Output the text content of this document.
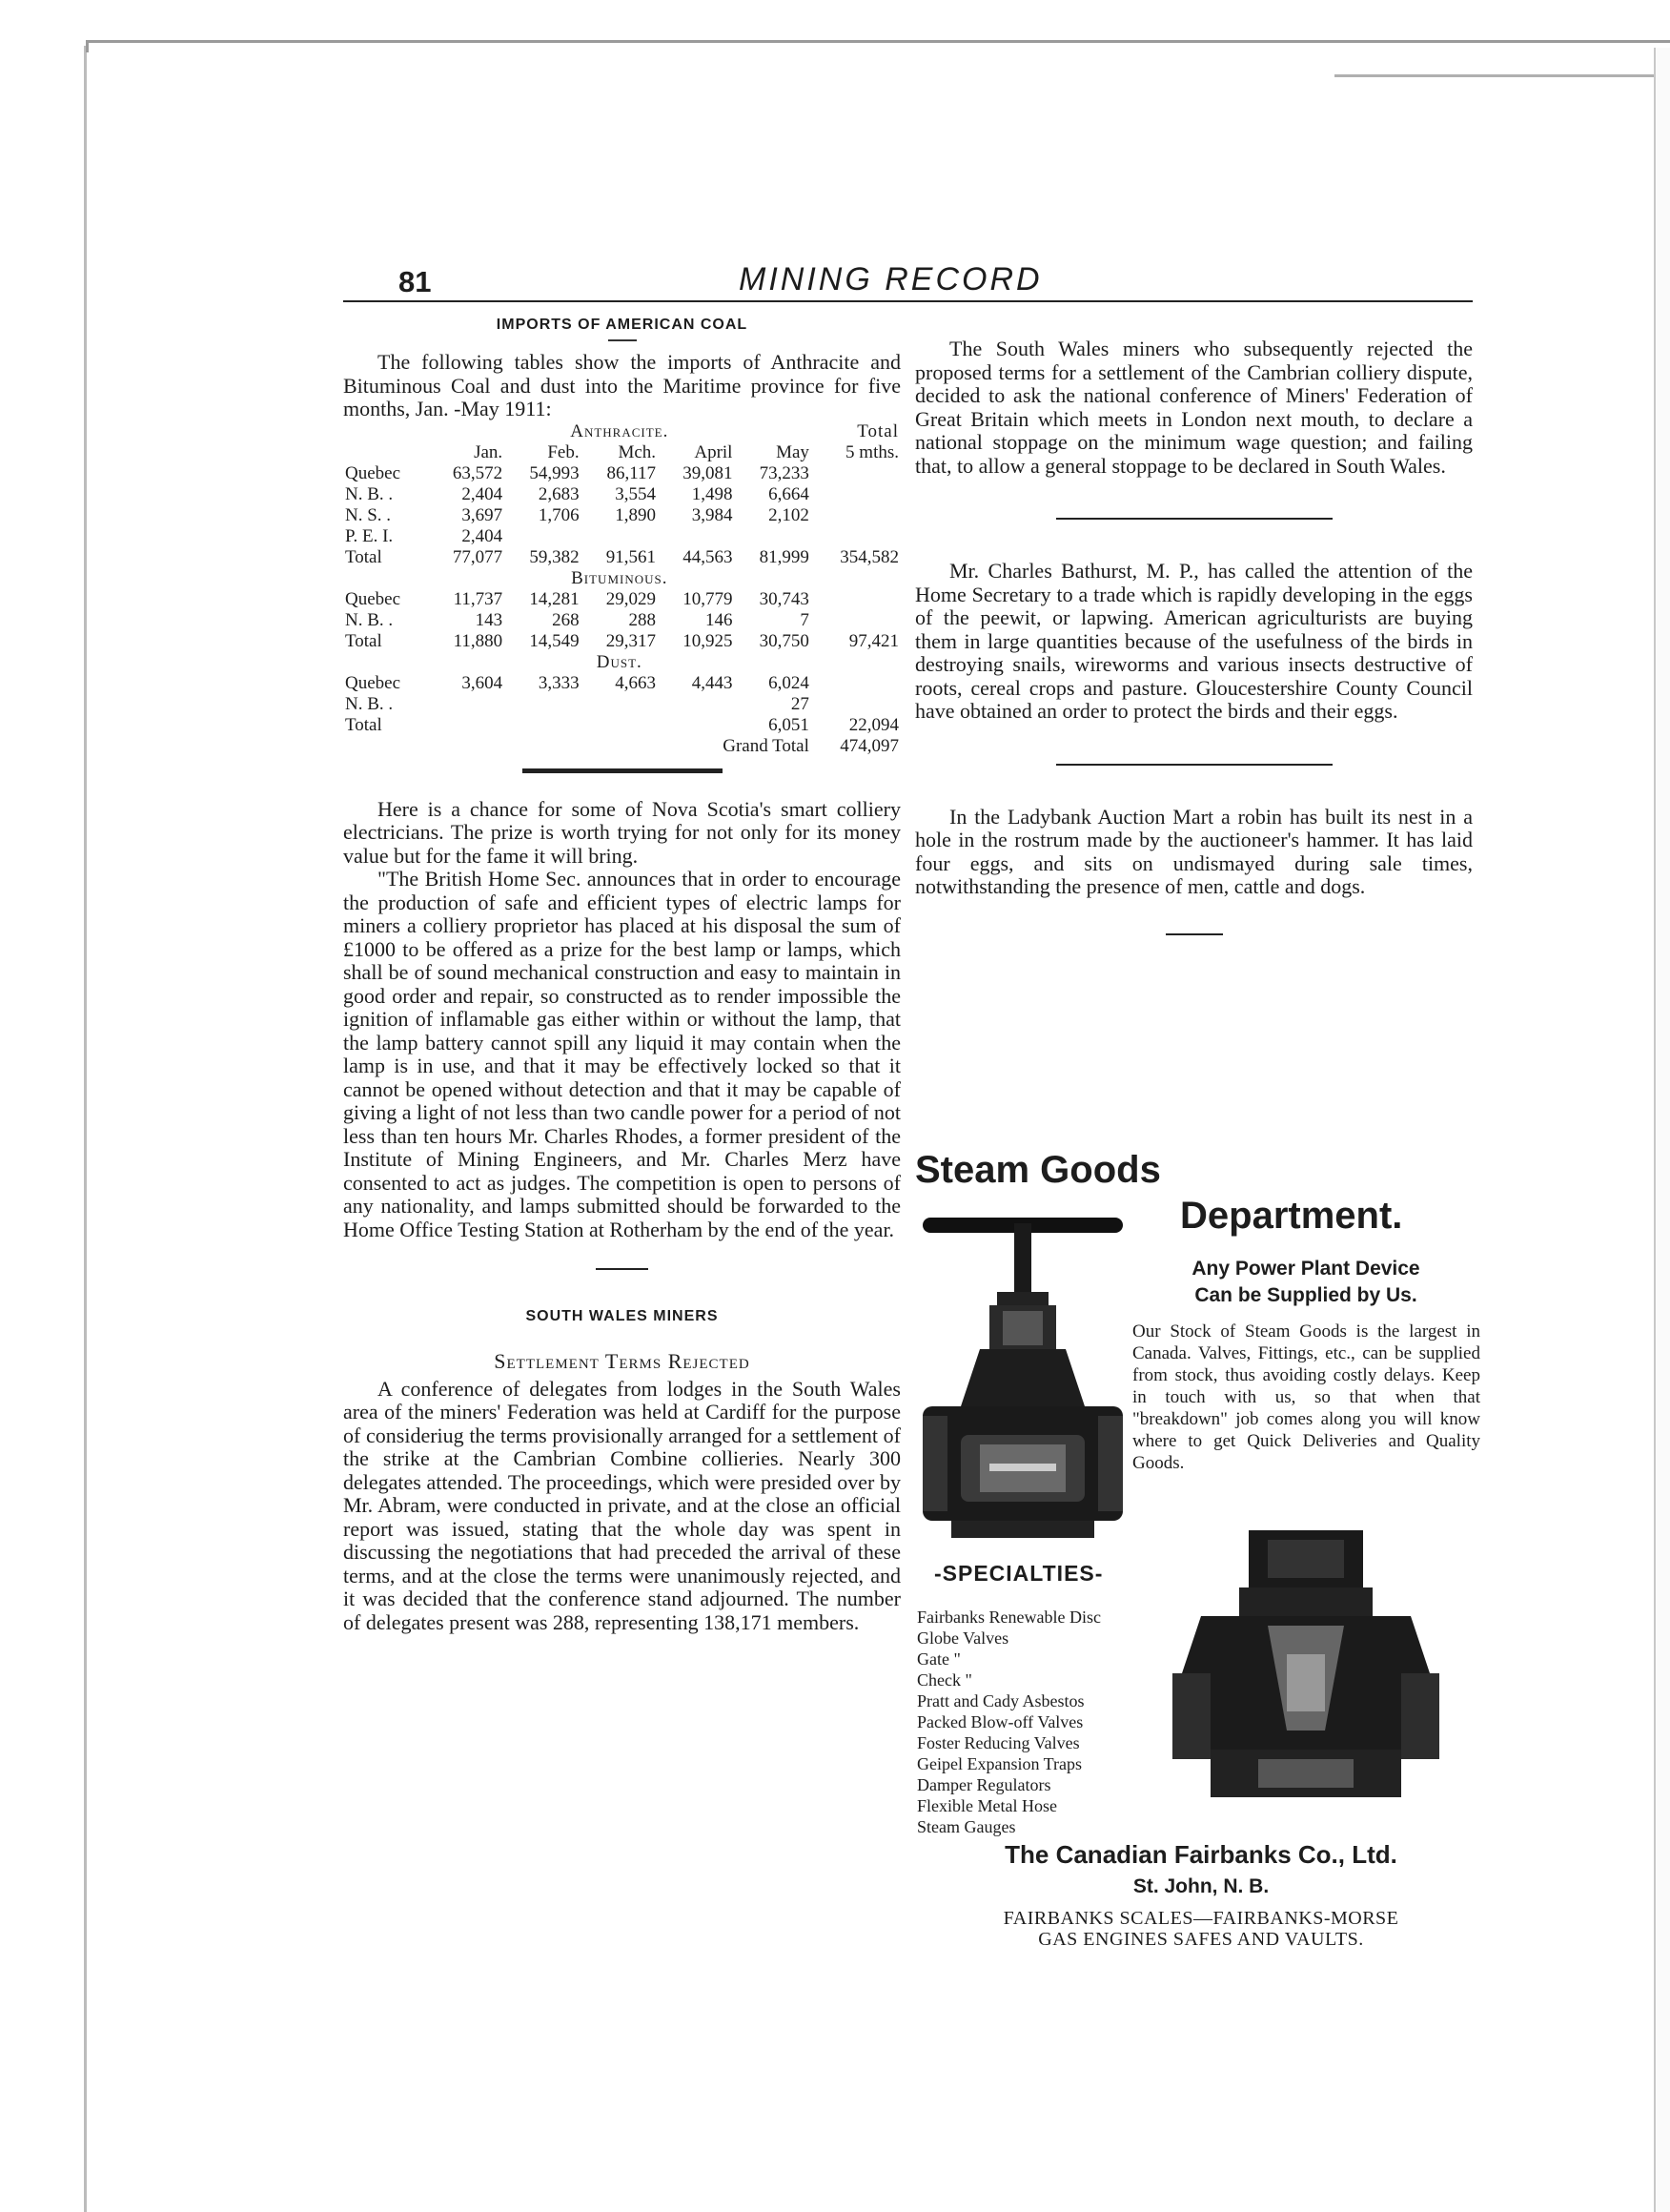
81	MINING RECORD
IMPORTS OF AMERICAN COAL

The following tables show the imports of Anthracite and Bituminous Coal and dust into the Maritime province for five months, Jan. -May 1911:

	Anthracite.					Total
	Jan.	Feb.	Mch.	April	May	5 mths.
Quebec	63,572	54,993	86,117	39,081	73,233	
N. B. .	2,404	2,683	3,554	1,498	6,664	
N. S. .	3,697	1,706	1,890	3,984	2,102	
P. E. I.	2,404					
Total	77,077	59,382	91,561	44,563	81,999	354,582
	Bituminous.					
Quebec	11,737	14,281	29,029	10,779	30,743	
N. B. .	143	268	288	146	7	
Total	11,880	14,549	29,317	10,925	30,750	97,421
	Dust.					
Quebec	3,604	3,333	4,663	4,443	6,024	
N. B. .					27	
Total					6,051	22,094
	Grand Total					474,097

Here is a chance for some of Nova Scotia's smart colliery electricians. The prize is worth trying for not only for its money value but for the fame it will bring.

"The British Home Sec. announces that in order to encourage the production of safe and efficient types of electric lamps for miners a colliery proprietor has placed at his disposal the sum of £1000 to be offered as a prize for the best lamp or lamps, which shall be of sound mechanical construction and easy to maintain in good order and repair, so constructed as to render impossible the ignition of inflamable gas either within or without the lamp, that the lamp battery cannot spill any liquid it may contain when the lamp is in use, and that it may be effectively locked so that it cannot be opened without detection and that it may be capable of giving a light of not less than two candle power for a period of not less than ten hours Mr. Charles Rhodes, a former president of the Institute of Mining Engineers, and Mr. Charles Merz have consented to act as judges. The competition is open to persons of any nationality, and lamps submitted should be forwarded to the Home Office Testing Station at Rotherham by the end of the year.

SOUTH WALES MINERS
Settlement Terms Rejected

A conference of delegates from lodges in the South Wales area of the miners' Federation was held at Cardiff for the purpose of consideriug the terms provisionally arranged for a settlement of the strike at the Cambrian Combine collieries. Nearly 300 delegates attended. The proceedings, which were presided over by Mr. Abram, were conducted in private, and at the close an official report was issued, stating that the whole day was spent in discussing the negotiations that had preceded the arrival of these terms, and at the close the terms were unanimously rejected, and it was decided that the conference stand adjourned. The number of delegates present was 288, representing 138,171 members.

The South Wales miners who subsequently rejected the proposed terms for a settlement of the Cambrian colliery dispute, decided to ask the national conference of Miners' Federation of Great Britain which meets in London next mouth, to declare a national stoppage on the minimum wage question; and failing that, to allow a general stoppage to be declared in South Wales.

Mr. Charles Bathurst, M. P., has called the attention of the Home Secretary to a trade which is rapidly developing in the eggs of the peewit, or lapwing. American agriculturists are buying them in large quantities because of the usefulness of the birds in destroying snails, wireworms and various insects destructive of roots, cereal crops and pasture. Gloucestershire County Council have obtained an order to protect the birds and their eggs.

In the Ladybank Auction Mart a robin has built its nest in a hole in the rostrum made by the auctioneer's hammer. It has laid four eggs, and sits on undismayed during sale times, notwithstanding the presence of men, cattle and dogs.

Steam Goods
Department.
Any Power Plant Device
Can be Supplied by Us.
Our Stock of Steam Goods is the largest in Canada. Valves, Fittings, etc., can be supplied from stock, thus avoiding costly delays. Keep in touch with us, so that when that "breakdown" job comes along you will know where to get Quick Deliveries and Quality Goods.
-SPECIALTIES-
Fairbanks Renewable Disc
Globe Valves
Gate "
Check "
Pratt and Cady Asbestos
Packed Blow-off Valves
Foster Reducing Valves
Geipel Expansion Traps
Damper Regulators
Flexible Metal Hose
Steam Gauges
The Canadian Fairbanks Co., Ltd.
St. John, N. B.
FAIRBANKS SCALES—FAIRBANKS-MORSE
GAS ENGINES SAFES AND VAULTS.
